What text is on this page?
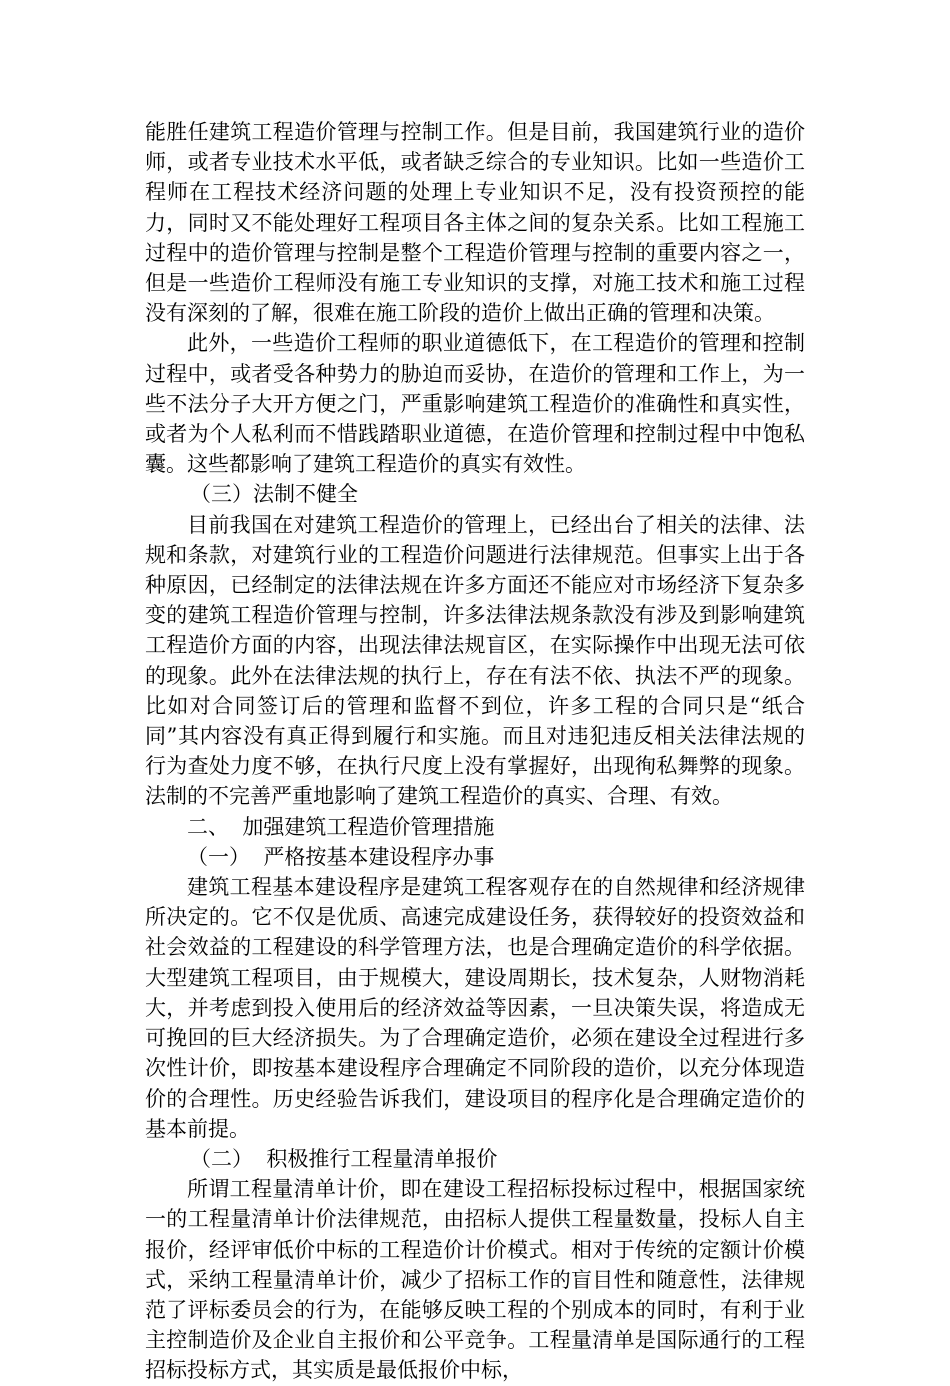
能胜任建筑工程造价管理与控制工作。但是目前，我国建筑行业的造价师，或者专业技术水平低，或者缺乏综合的专业知识。比如一些造价工程师在工程技术经济问题的处理上专业知识不足，没有投资预控的能力，同时又不能处理好工程项目各主体之间的复杂关系。比如工程施工过程中的造价管理与控制是整个工程造价管理与控制的重要内容之一，但是一些造价工程师没有施工专业知识的支撑，对施工技术和施工过程没有深刻的了解，很难在施工阶段的造价上做出正确的管理和决策。

此外，一些造价工程师的职业道德低下，在工程造价的管理和控制过程中，或者受各种势力的胁迫而妥协，在造价的管理和工作上，为一些不法分子大开方便之门，严重影响建筑工程造价的准确性和真实性，或者为个人私利而不惜践踏职业道德，在造价管理和控制过程中中饱私囊。这些都影响了建筑工程造价的真实有效性。

（三）法制不健全

目前我国在对建筑工程造价的管理上，已经出台了相关的法律、法规和条款，对建筑行业的工程造价问题进行法律规范。但事实上出于各种原因，已经制定的法律法规在许多方面还不能应对市场经济下复杂多变的建筑工程造价管理与控制，许多法律法规条款没有涉及到影响建筑工程造价方面的内容，出现法律法规盲区，在实际操作中出现无法可依的现象。此外在法律法规的执行上，存在有法不依、执法不严的现象。比如对合同签订后的管理和监督不到位，许多工程的合同只是“纸合同”其内容没有真正得到履行和实施。而且对违犯违反相关法律法规的行为查处力度不够，在执行尺度上没有掌握好，出现徇私舞弊的现象。法制的不完善严重地影响了建筑工程造价的真实、合理、有效。

二、  加强建筑工程造价管理措施

（一）  严格按基本建设程序办事

建筑工程基本建设程序是建筑工程客观存在的自然规律和经济规律所决定的。它不仅是优质、高速完成建设任务，获得较好的投资效益和社会效益的工程建设的科学管理方法，也是合理确定造价的科学依据。大型建筑工程项目，由于规模大，建设周期长，技术复杂，人财物消耗大，并考虑到投入使用后的经济效益等因素，一旦决策失误，将造成无可挽回的巨大经济损失。为了合理确定造价，必须在建设全过程进行多次性计价，即按基本建设程序合理确定不同阶段的造价，以充分体现造价的合理性。历史经验告诉我们，建设项目的程序化是合理确定造价的基本前提。

（二）  积极推行工程量清单报价

所谓工程量清单计价，即在建设工程招标投标过程中，根据国家统一的工程量清单计价法律规范，由招标人提供工程量数量，投标人自主报价，经评审低价中标的工程造价计价模式。相对于传统的定额计价模式，采纳工程量清单计价，减少了招标工作的盲目性和随意性，法律规范了评标委员会的行为，在能够反映工程的个别成本的同时，有利于业主控制造价及企业自主报价和公平竞争。工程量清单是国际通行的工程招标投标方式，其实质是最低报价中标，
